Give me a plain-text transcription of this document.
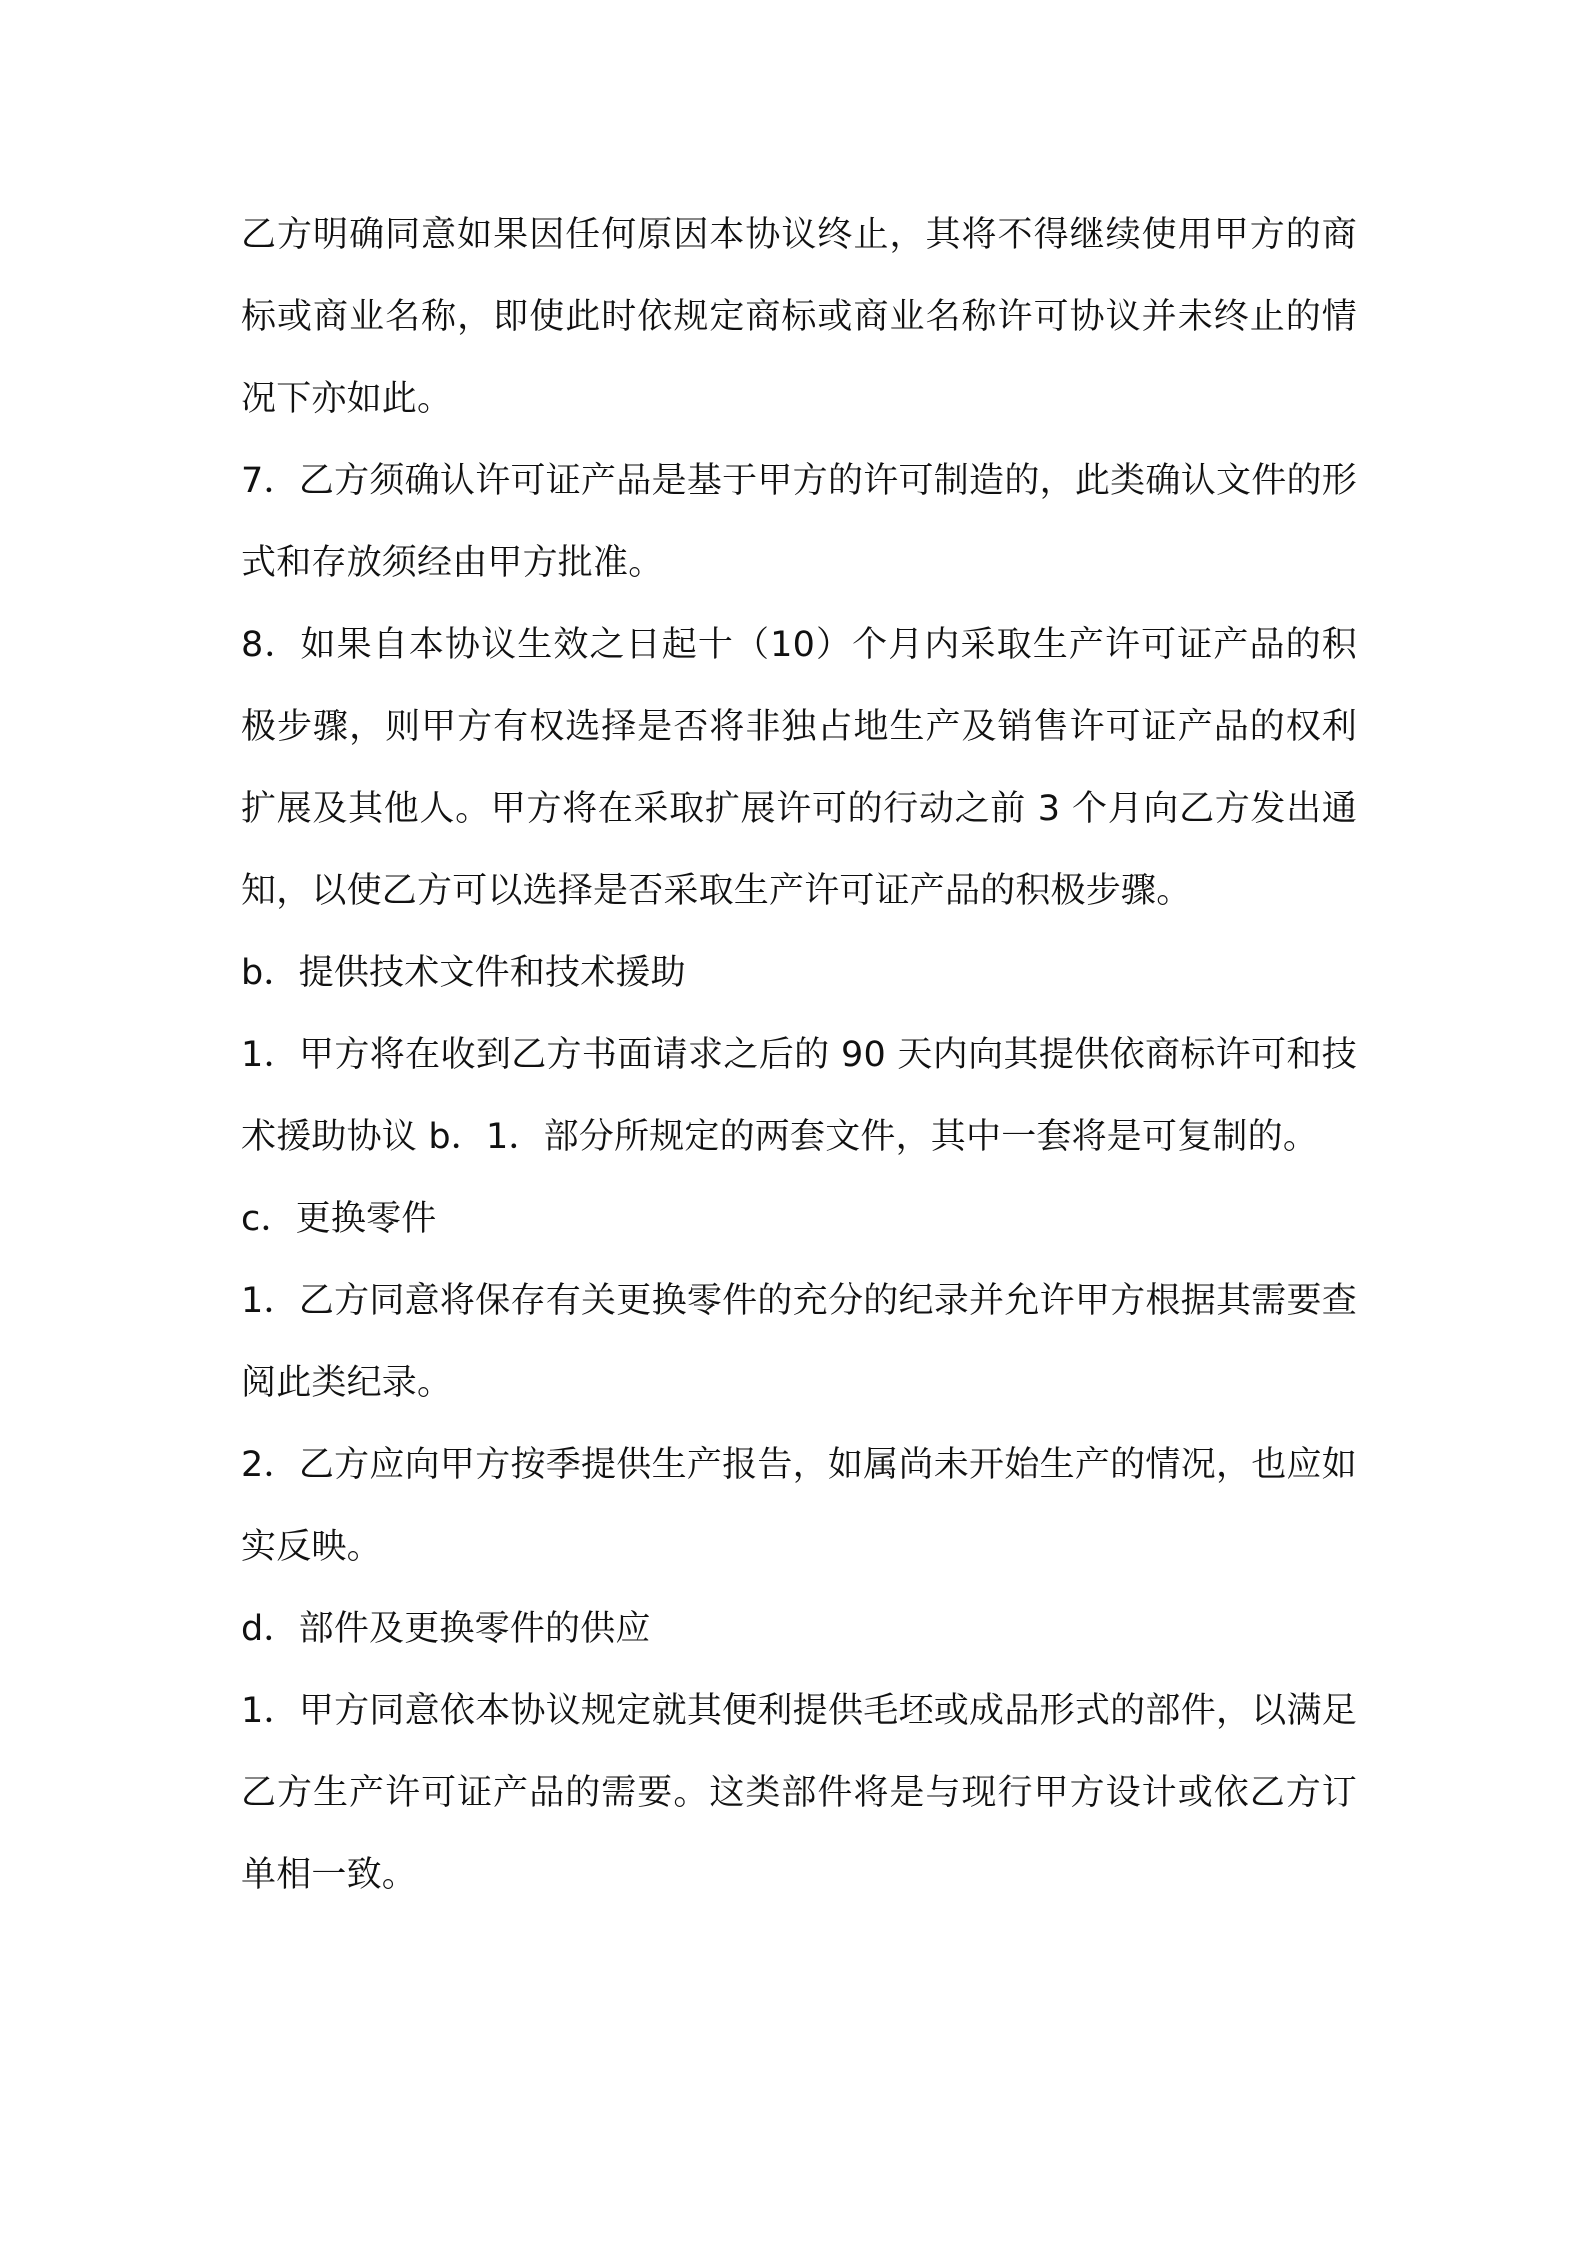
乙方明确同意如果因任何原因本协议终止，其将不得继续使用甲方的商标或商业名称，即使此时依规定商标或商业名称许可协议并未终止的情况下亦如此。

7．乙方须确认许可证产品是基于甲方的许可制造的，此类确认文件的形式和存放须经由甲方批准。

8．如果自本协议生效之日起十（10）个月内采取生产许可证产品的积极步骤，则甲方有权选择是否将非独占地生产及销售许可证产品的权利扩展及其他人。甲方将在采取扩展许可的行动之前 3 个月向乙方发出通知，以使乙方可以选择是否采取生产许可证产品的积极步骤。

b．提供技术文件和技术援助

1．甲方将在收到乙方书面请求之后的 90 天内向其提供依商标许可和技术援助协议 b．1．部分所规定的两套文件，其中一套将是可复制的。

c．更换零件

1．乙方同意将保存有关更换零件的充分的纪录并允许甲方根据其需要查阅此类纪录。

2．乙方应向甲方按季提供生产报告，如属尚未开始生产的情况，也应如实反映。

d．部件及更换零件的供应

1．甲方同意依本协议规定就其便利提供毛坯或成品形式的部件，以满足乙方生产许可证产品的需要。这类部件将是与现行甲方设计或依乙方订单相一致。
